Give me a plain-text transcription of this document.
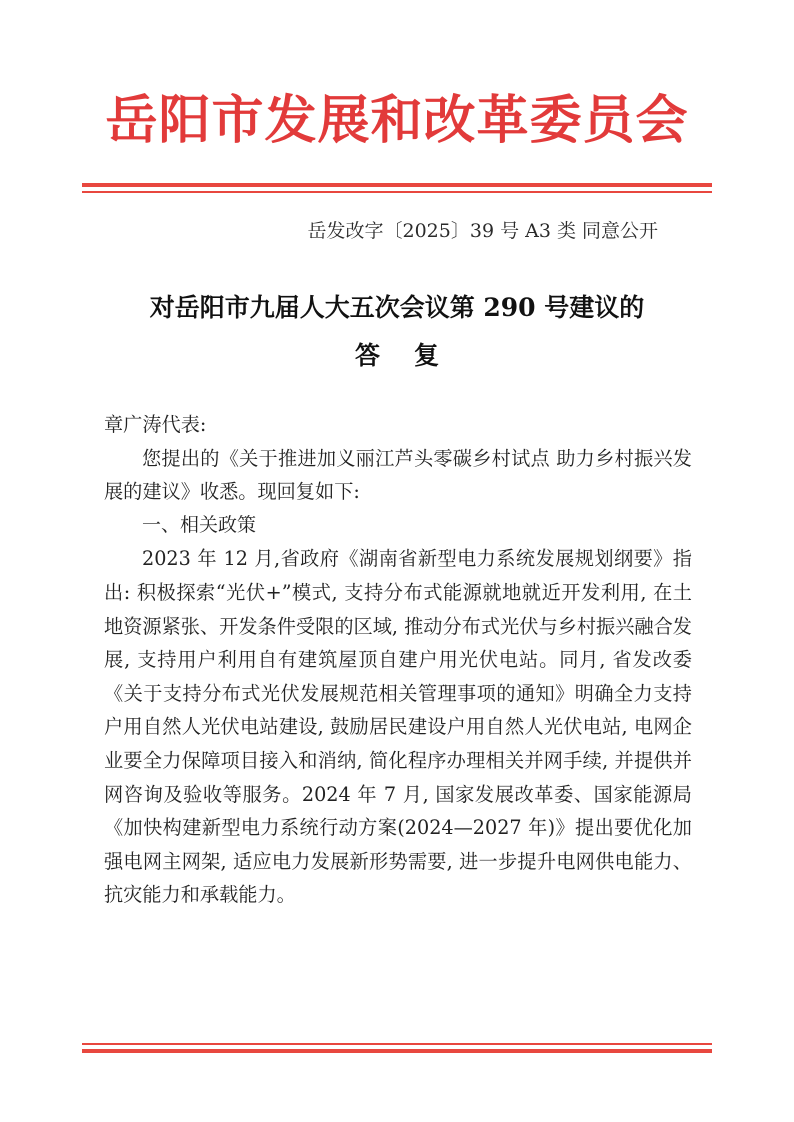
岳阳市发展和改革委员会
岳发改字〔2025〕39 号 A3 类 同意公开
对岳阳市九届人大五次会议第 290 号建议的
答复

章广涛代表:

您提出的《关于推进加义丽江芦头零碳乡村试点 助力乡村振兴发展的建议》收悉。现回复如下:

一、相关政策

2023 年 12 月,省政府《湖南省新型电力系统发展规划纲要》指出: 积极探索“光伏+”模式, 支持分布式能源就地就近开发利用, 在土地资源紧张、开发条件受限的区域, 推动分布式光伏与乡村振兴融合发展, 支持用户利用自有建筑屋顶自建户用光伏电站。同月, 省发改委《关于支持分布式光伏发展规范相关管理事项的通知》明确全力支持户用自然人光伏电站建设, 鼓励居民建设户用自然人光伏电站, 电网企业要全力保障项目接入和消纳, 简化程序办理相关并网手续, 并提供并网咨询及验收等服务。2024 年 7 月, 国家发展改革委、国家能源局《加快构建新型电力系统行动方案(2024—2027 年)》提出要优化加强电网主网架, 适应电力发展新形势需要, 进一步提升电网供电能力、抗灾能力和承载能力。
